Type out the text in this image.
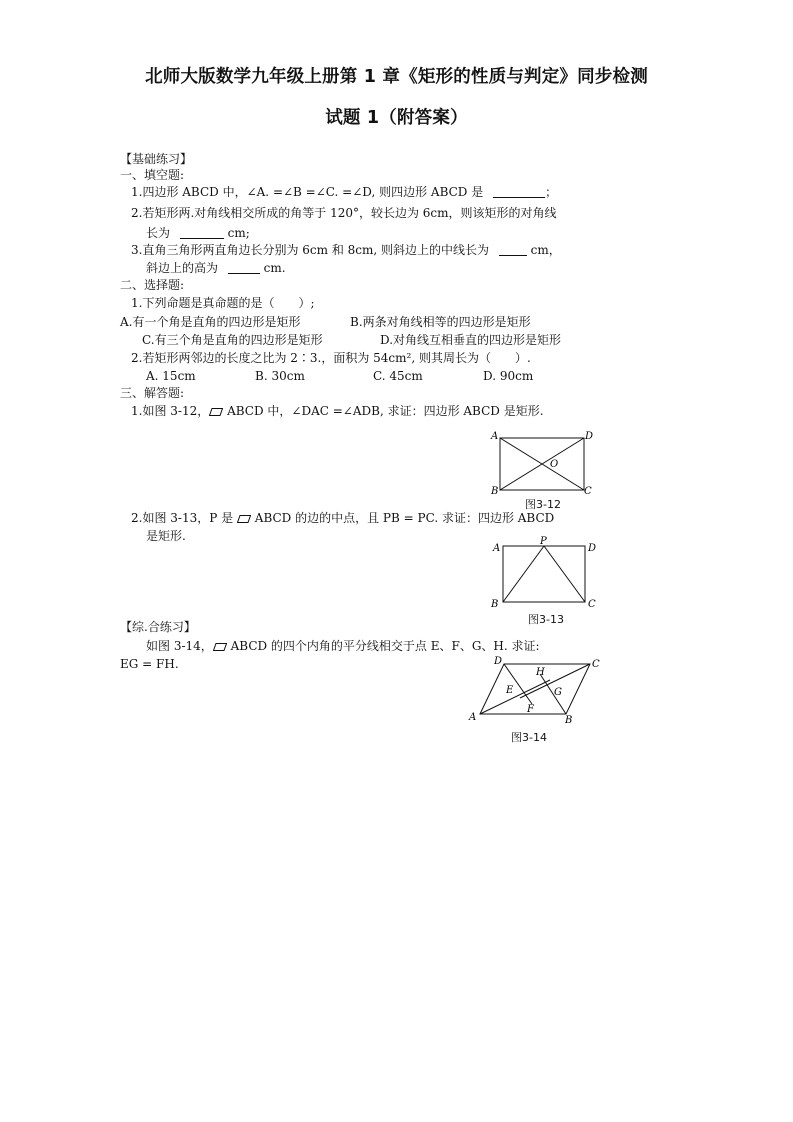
北师大版数学九年级上册第 1 章《矩形的性质与判定》同步检测
试题 1（附答案）
【基础练习】
一、填空题:
1.四边形 ABCD 中，∠A. =∠B =∠C. =∠D, 则四边形 ABCD 是	；
2.若矩形两.对角线相交所成的角等于 120°，较长边为 6cm，则该矩形的对角线
长为	cm;
3.直角三角形两直角边长分别为 6cm 和 8cm, 则斜边上的中线长为	cm，
斜边上的高为	cm.
二、选择题:
1.下列命题是真命题的是（　　）;
A.有一个角是直角的四边形是矩形	B.两条对角线相等的四边形是矩形
C.有三个角是直角的四边形是矩形	D.对角线互相垂直的四边形是矩形
2.若矩形两邻边的长度之比为 2∶3.，面积为 54cm², 则其周长为（　　）.
A. 15cm	B. 30cm	C. 45cm	D. 90cm
三、解答题:
1.如图 3-12， ABCD 中，∠DAC =∠ADB, 求证：四边形 ABCD 是矩形.
A	D
B	C
O
图3-12
2.如图 3-13，P 是 ABCD 的边的中点，且 PB = PC. 求证：四边形 ABCD
是矩形.
A
P
D
B	C
图3-13
【综.合练习】
如图 3-14， ABCD 的四个内角的平分线相交于点 E、F、G、H. 求证:
EG = FH.	D	C
A	B
H
E	G
F
图3-14
